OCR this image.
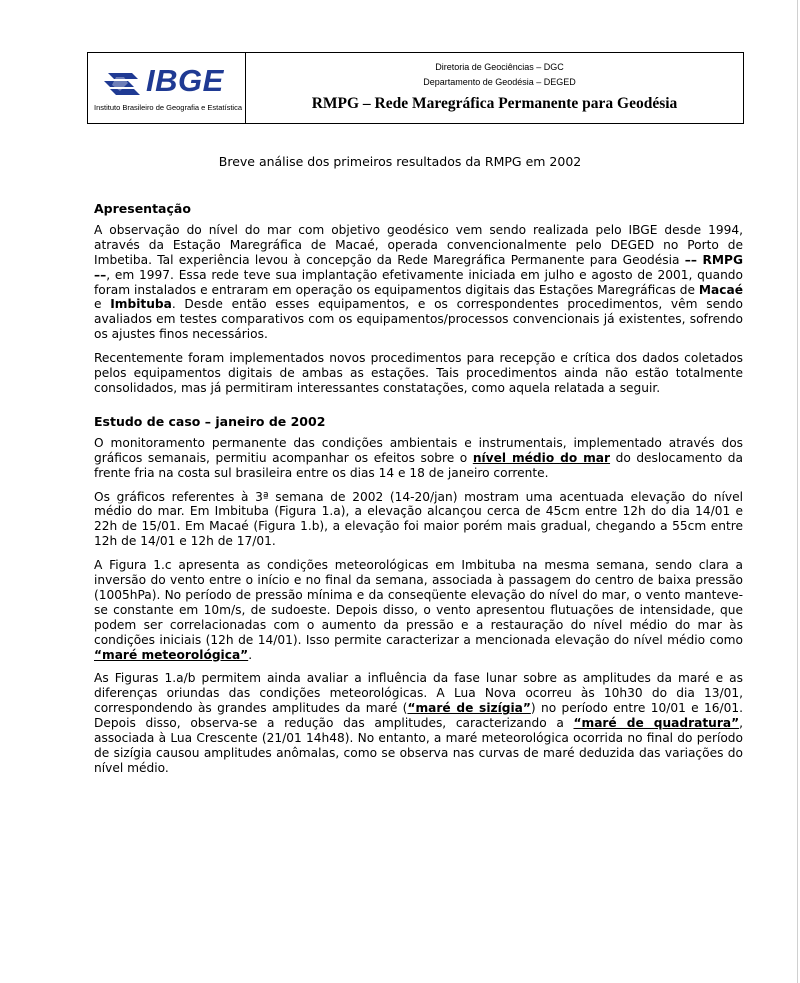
IBGE
Instituto Brasileiro de Geografia e Estatística
Diretoria de Geociências – DGC
Departamento de Geodésia – DEGED
RMPG – Rede Maregráfica Permanente para Geodésia
Breve análise dos primeiros resultados da RMPG em 2002
Apresentação

A observação do nível do mar com objetivo geodésico vem sendo realizada pelo IBGE desde 1994, através da Estação Maregráfica de Macaé, operada convencionalmente pelo DEGED no Porto de Imbetiba. Tal experiência levou à concepção da Rede Maregráfica Permanente para Geodésia –– RMPG ––, em 1997. Essa rede teve sua implantação efetivamente iniciada em julho e agosto de 2001, quando foram instalados e entraram em operação os equipamentos digitais das Estações Maregráficas de Macaé e Imbituba. Desde então esses equipamentos, e os correspondentes procedimentos, vêm sendo avaliados em testes comparativos com os equipamentos/processos convencionais já existentes, sofrendo os ajustes finos necessários.

Recentemente foram implementados novos procedimentos para recepção e crítica dos dados coletados pelos equipamentos digitais de ambas as estações. Tais procedimentos ainda não estão totalmente consolidados, mas já permitiram interessantes constatações, como aquela relatada a seguir.

Estudo de caso – janeiro de 2002

O monitoramento permanente das condições ambientais e instrumentais, implementado através dos gráficos semanais, permitiu acompanhar os efeitos sobre o nível médio do mar do deslocamento da frente fria na costa sul brasileira entre os dias 14 e 18 de janeiro corrente.

Os gráficos referentes à 3ª semana de 2002 (14-20/jan) mostram uma acentuada elevação do nível médio do mar. Em Imbituba (Figura 1.a), a elevação alcançou cerca de 45cm entre 12h do dia 14/01 e 22h de 15/01. Em Macaé (Figura 1.b), a elevação foi maior porém mais gradual, chegando a 55cm entre 12h de 14/01 e 12h de 17/01.

A Figura 1.c apresenta as condições meteorológicas em Imbituba na mesma semana, sendo clara a inversão do vento entre o início e no final da semana, associada à passagem do centro de baixa pressão (1005hPa). No período de pressão mínima e da conseqüente elevação do nível do mar, o vento manteve-se constante em 10m/s, de sudoeste. Depois disso, o vento apresentou flutuações de intensidade, que podem ser correlacionadas com o aumento da pressão e a restauração do nível médio do mar às condições iniciais (12h de 14/01). Isso permite caracterizar a mencionada elevação do nível médio como “maré meteorológica”.

As Figuras 1.a/b permitem ainda avaliar a influência da fase lunar sobre as amplitudes da maré e as diferenças oriundas das condições meteorológicas. A Lua Nova ocorreu às 10h30 do dia 13/01, correspondendo às grandes amplitudes da maré (“maré de sizígia”) no período entre 10/01 e 16/01. Depois disso, observa-se a redução das amplitudes, caracterizando a “maré de quadratura”, associada à Lua Crescente (21/01 14h48). No entanto, a maré meteorológica ocorrida no final do período de sizígia causou amplitudes anômalas, como se observa nas curvas de maré deduzida das variações do nível médio.
